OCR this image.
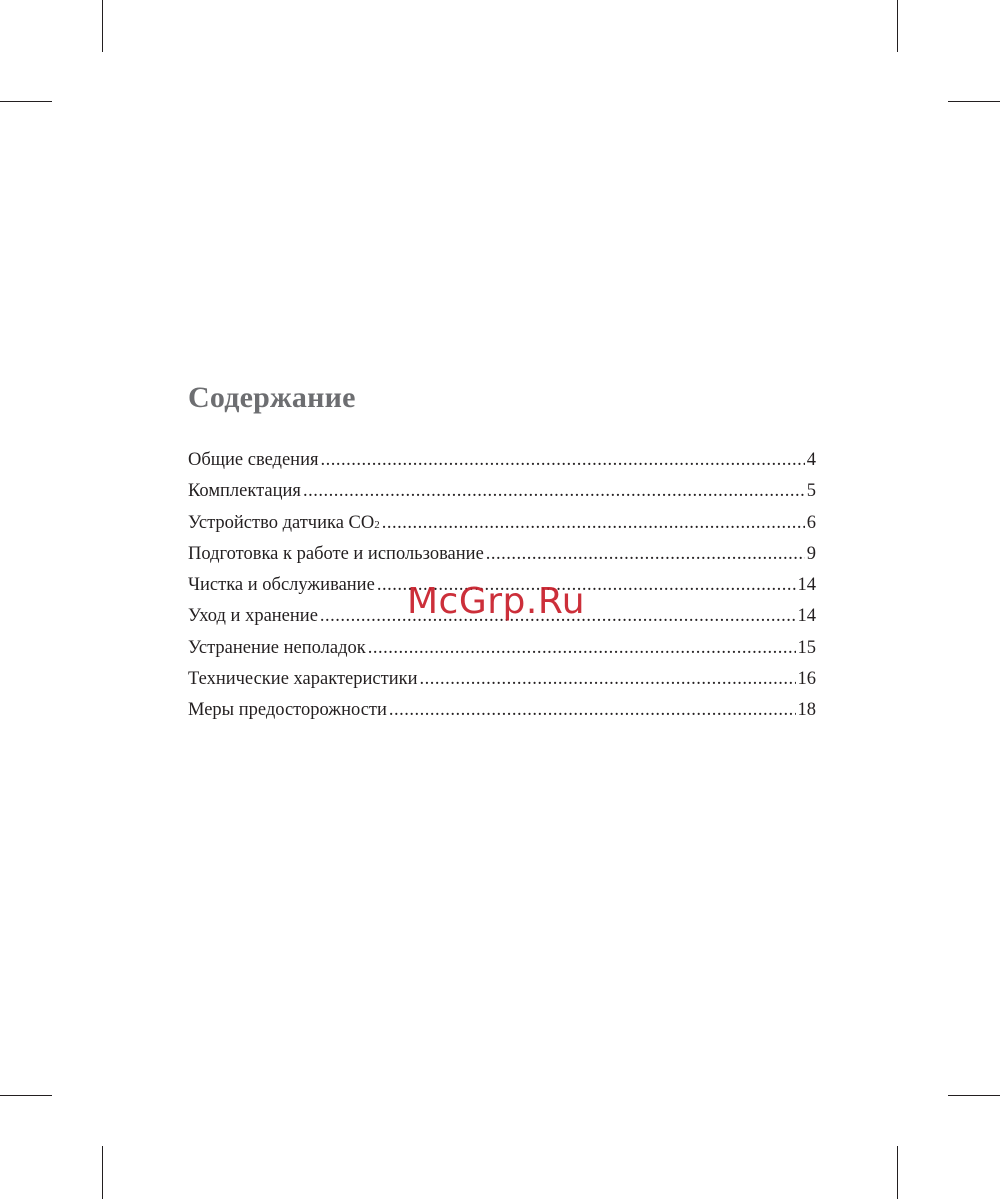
Содержание
Общие сведения .....	4
Комплектация .....	5
Устройство датчика CO2 .....	6
Подготовка к работе и использование .....	9
Чистка и обслуживание .....	14
Уход и хранение .....	14
Устранение неполадок .....	15
Технические характеристики .....	16
Меры предосторожности .....	18
McGrp.Ru
